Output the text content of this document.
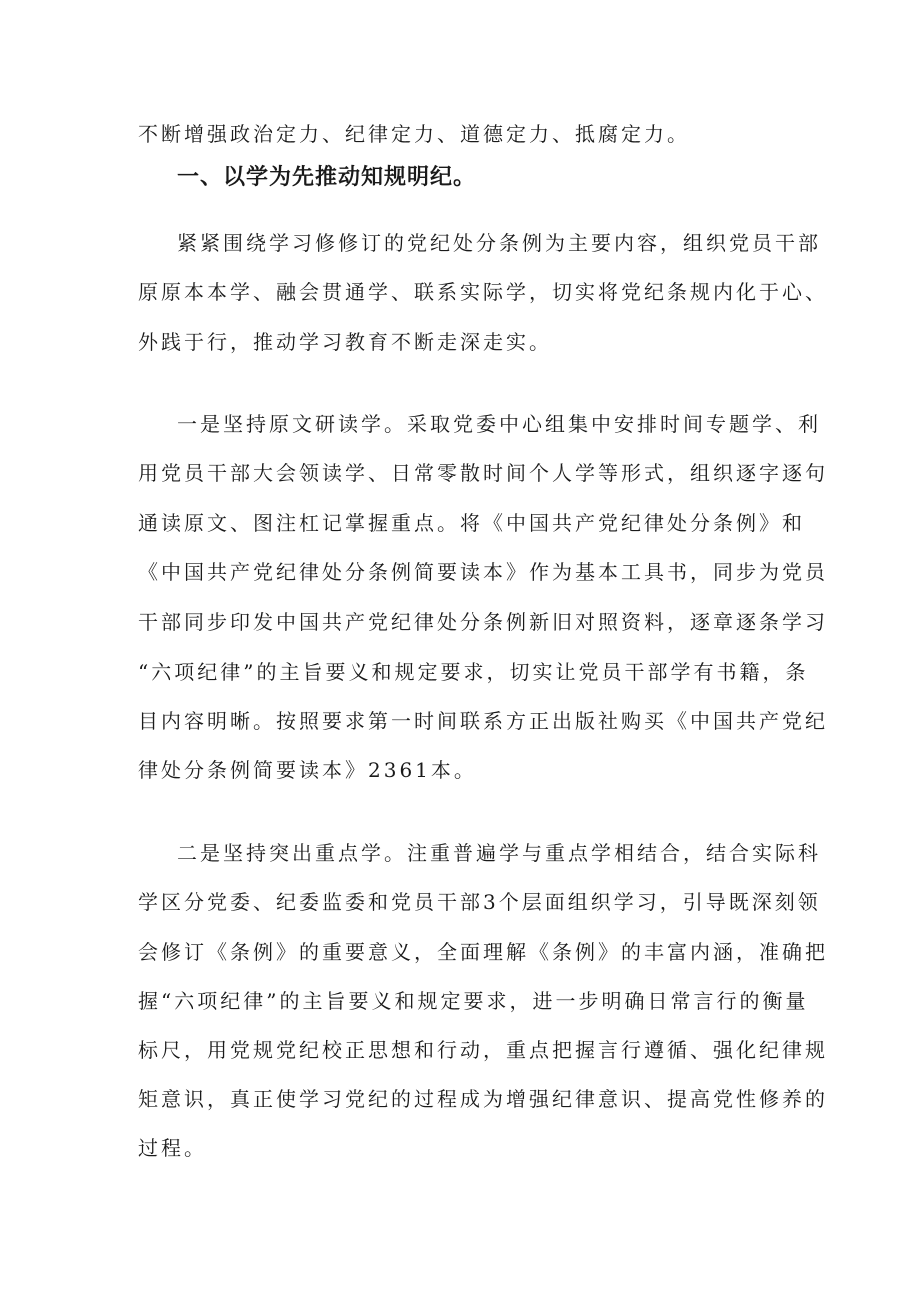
不断增强政治定力、纪律定力、道德定力、抵腐定力。
一、以学为先推动知规明纪。
紧紧围绕学习修修订的党纪处分条例为主要内容，组织党员干部
原原本本学、融会贯通学、联系实际学，切实将党纪条规内化于心、
外践于行，推动学习教育不断走深走实。
一是坚持原文研读学。采取党委中心组集中安排时间专题学、利
用党员干部大会领读学、日常零散时间个人学等形式，组织逐字逐句
通读原文、图注杠记掌握重点。将《中国共产党纪律处分条例》和
《中国共产党纪律处分条例简要读本》作为基本工具书，同步为党员
干部同步印发中国共产党纪律处分条例新旧对照资料，逐章逐条学习
“六项纪律”的主旨要义和规定要求，切实让党员干部学有书籍，条
目内容明晰。按照要求第一时间联系方正出版社购买《中国共产党纪
律处分条例简要读本》2361本。
二是坚持突出重点学。注重普遍学与重点学相结合，结合实际科
学区分党委、纪委监委和党员干部3个层面组织学习，引导既深刻领
会修订《条例》的重要意义，全面理解《条例》的丰富内涵，准确把
握“六项纪律”的主旨要义和规定要求，进一步明确日常言行的衡量
标尺，用党规党纪校正思想和行动，重点把握言行遵循、强化纪律规
矩意识，真正使学习党纪的过程成为增强纪律意识、提高党性修养的
过程。
